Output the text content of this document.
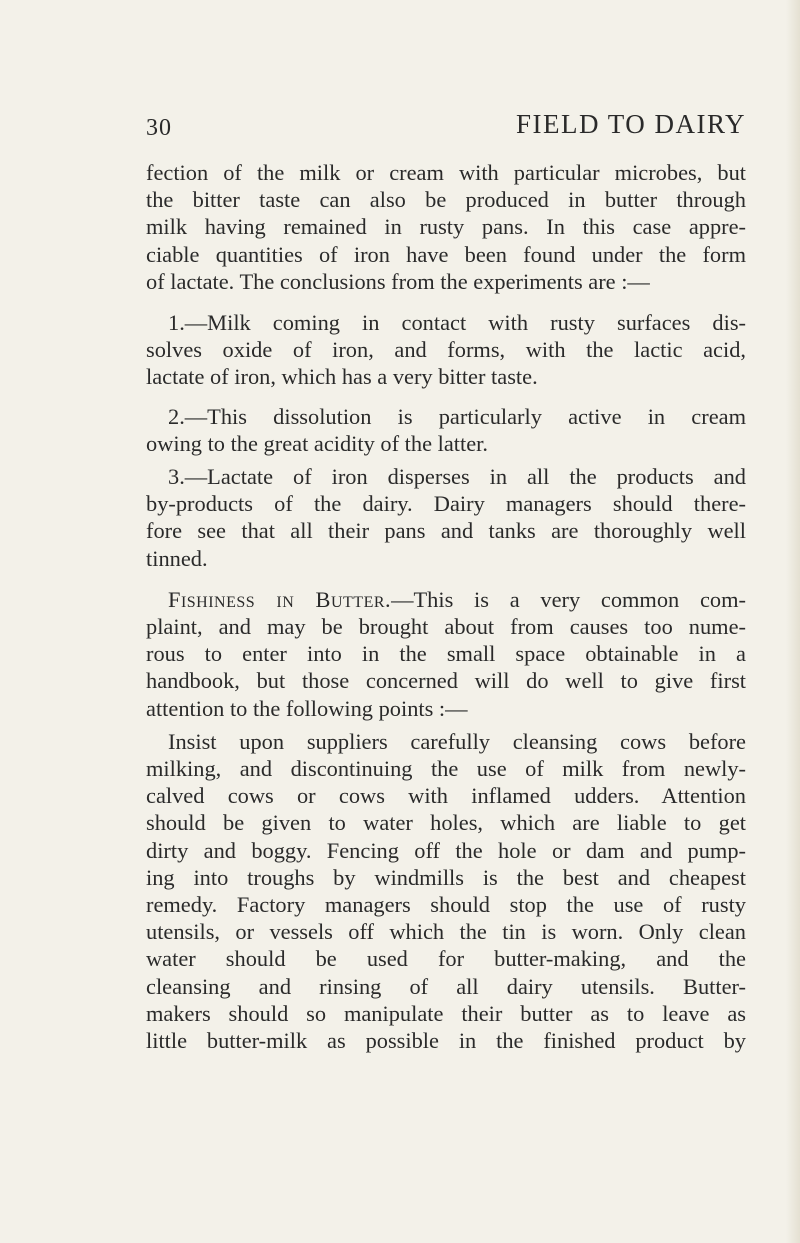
30	FIELD TO DAIRY

fection of the milk or cream with particular microbes, but

the bitter taste can also be produced in butter through

milk having remained in rusty pans. In this case appre-

ciable quantities of iron have been found under the form

of lactate. The conclusions from the experiments are :—

1.—Milk coming in contact with rusty surfaces dis-

solves oxide of iron, and forms, with the lactic acid,

lactate of iron, which has a very bitter taste.

2.—This dissolution is particularly active in cream

owing to the great acidity of the latter.

3.—Lactate of iron disperses in all the products and

by-products of the dairy. Dairy managers should there-

fore see that all their pans and tanks are thoroughly well

tinned.

Fishiness in Butter.—This is a very common com-

plaint, and may be brought about from causes too nume-

rous to enter into in the small space obtainable in a

handbook, but those concerned will do well to give first

attention to the following points :—

Insist upon suppliers carefully cleansing cows before

milking, and discontinuing the use of milk from newly-

calved cows or cows with inflamed udders. Attention

should be given to water holes, which are liable to get

dirty and boggy. Fencing off the hole or dam and pump-

ing into troughs by windmills is the best and cheapest

remedy. Factory managers should stop the use of rusty

utensils, or vessels off which the tin is worn. Only clean

water should be used for butter-making, and the

cleansing and rinsing of all dairy utensils. Butter-

makers should so manipulate their butter as to leave as

little butter-milk as possible in the finished product by
